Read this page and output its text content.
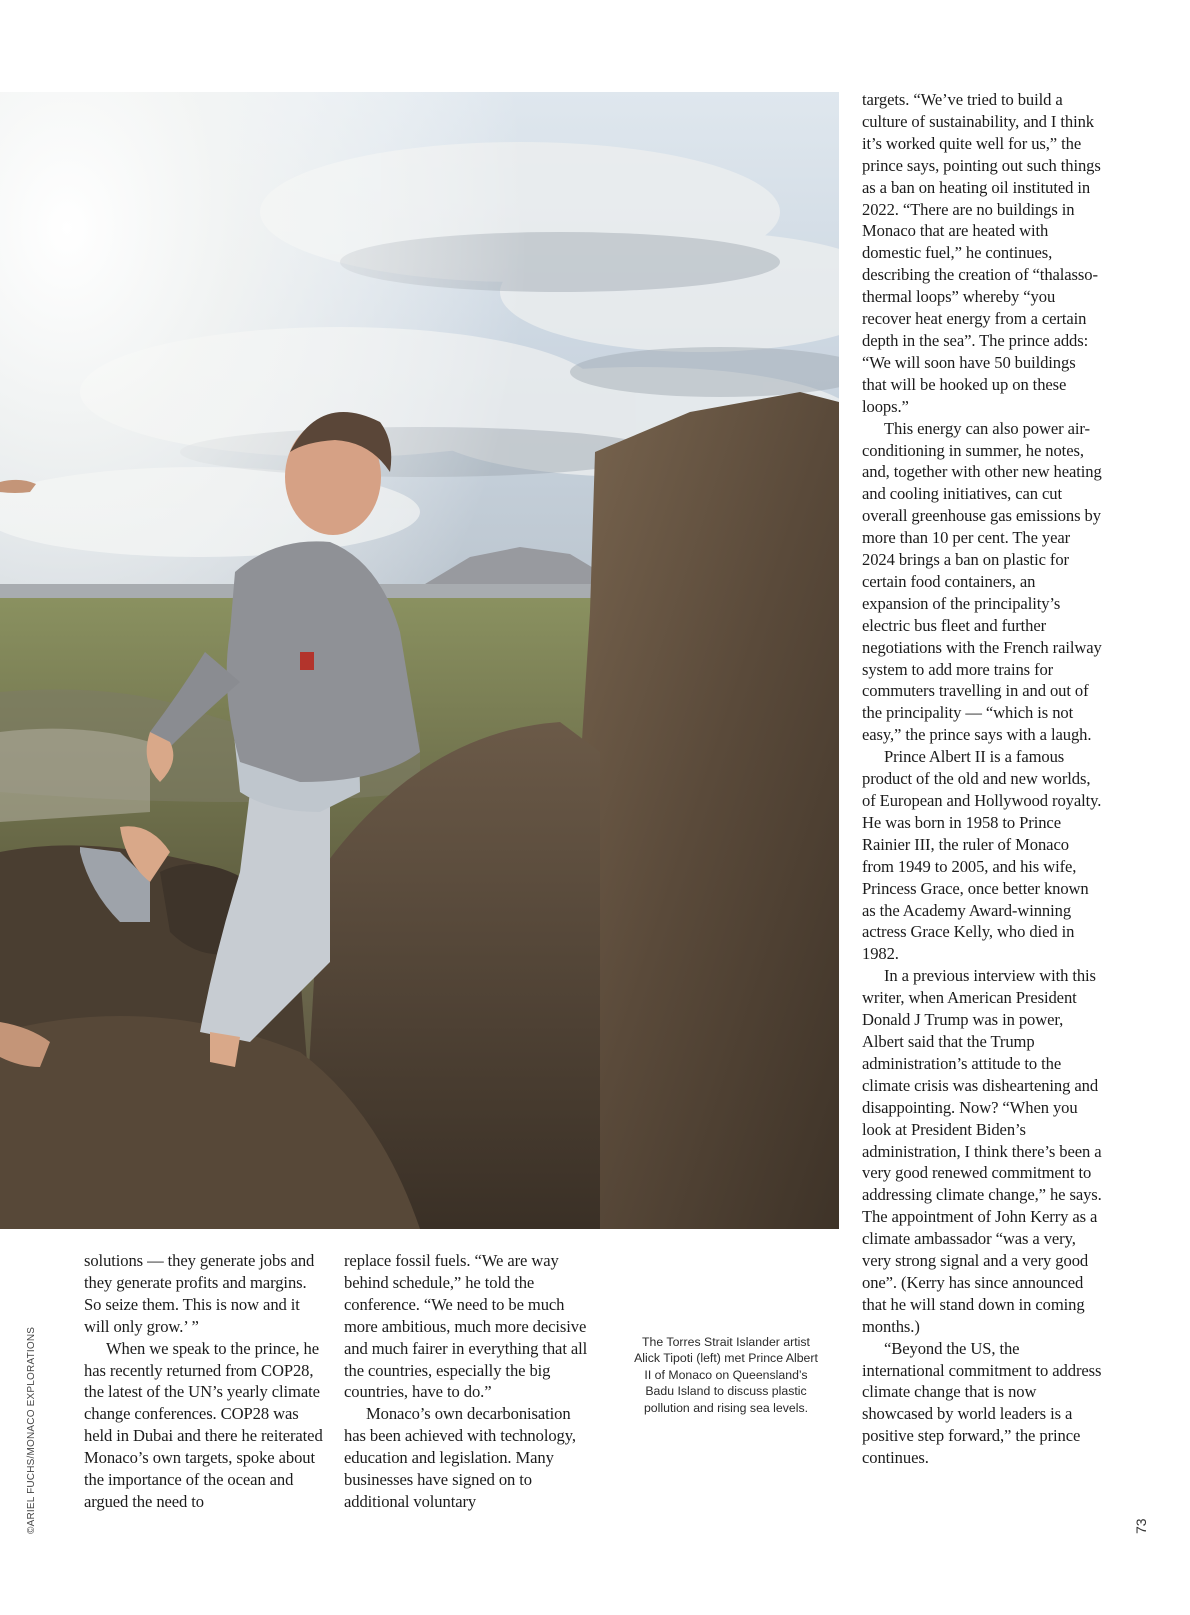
solutions — they generate jobs and they generate profits and margins. So seize them. This is now and it will only grow.’ ”

When we speak to the prince, he has recently returned from COP28, the latest of the UN’s yearly climate change conferences. COP28 was held in Dubai and there he reiterated Monaco’s own targets, spoke about the importance of the ocean and argued the need to

replace fossil fuels. “We are way behind schedule,” he told the conference. “We need to be much more ambitious, much more decisive and much fairer in everything that all the countries, especially the big countries, have to do.”

Monaco’s own decarbonisation has been achieved with technology, education and legislation. Many businesses have signed on to additional voluntary

targets. “We’ve tried to build a culture of sustainability, and I think it’s worked quite well for us,” the prince says, pointing out such things as a ban on heating oil instituted in 2022. “There are no buildings in Monaco that are heated with domestic fuel,” he continues, describing the creation of “thalasso-thermal loops” whereby “you recover heat energy from a certain depth in the sea”. The prince adds: “We will soon have 50 buildings that will be hooked up on these loops.”

This energy can also power air-conditioning in summer, he notes, and, together with other new heating and cooling initiatives, can cut overall greenhouse gas emissions by more than 10 per cent. The year 2024 brings a ban on plastic for certain food containers, an expansion of the principality’s electric bus fleet and further negotiations with the French railway system to add more trains for commuters travelling in and out of the principality — “which is not easy,” the prince says with a laugh.

Prince Albert II is a famous product of the old and new worlds, of European and Hollywood royalty. He was born in 1958 to Prince Rainier III, the ruler of Monaco from 1949 to 2005, and his wife, Princess Grace, once better known as the Academy Award-winning actress Grace Kelly, who died in 1982.

In a previous interview with this writer, when American President Donald J Trump was in power, Albert said that the Trump administration’s attitude to the climate crisis was disheartening and disappointing. Now? “When you look at President Biden’s administration, I think there’s been a very good renewed commitment to addressing climate change,” he says. The appointment of John Kerry as a climate ambassador “was a very, very strong signal and a very good one”. (Kerry has since announced that he will stand down in coming months.)

“Beyond the US, the international commitment to address climate change that is now showcased by world leaders is a positive step forward,” the prince continues.

The Torres Strait Islander artist Alick Tipoti (left) met Prince Albert II of Monaco on Queensland’s Badu Island to discuss plastic pollution and rising sea levels.
©ARIEL FUCHS/MONACO EXPLORATIONS	73
